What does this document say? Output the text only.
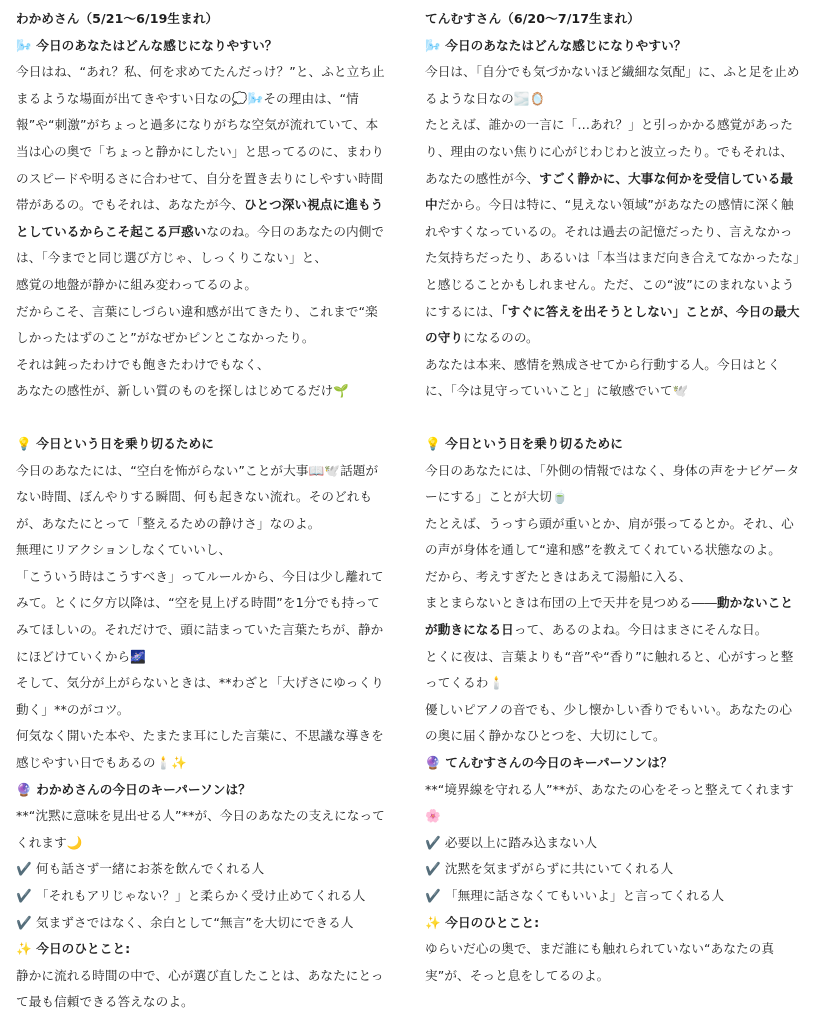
わかめさん（5/21〜6/19生まれ）

🌬️ 今日のあなたはどんな感じになりやすい？

今日はね、“あれ？私、何を求めてたんだっけ？”と、ふと立ち止まるような場面が出てきやすい日なの💭🌬️その理由は、“情報”や“刺激”がちょっと過多になりがちな空気が流れていて、本当は心の奥で「ちょっと静かにしたい」と思ってるのに、まわりのスピードや明るさに合わせて、自分を置き去りにしやすい時間帯があるの。でもそれは、あなたが今、ひとつ深い視点に進もうとしているからこそ起こる戸惑いなのね。今日のあなたの内側では、「今までと同じ選び方じゃ、しっくりこない」と、

感覚の地盤が静かに組み変わってるのよ。

だからこそ、言葉にしづらい違和感が出てきたり、これまで“楽しかったはずのこと”がなぜかピンとこなかったり。

それは鈍ったわけでも飽きたわけでもなく、

あなたの感性が、新しい質のものを探しはじめてるだけ🌱

💡 今日という日を乗り切るために

今日のあなたには、“空白を怖がらない”ことが大事📖🕊️話題がない時間、ぼんやりする瞬間、何も起きない流れ。そのどれもが、あなたにとって「整えるための静けさ」なのよ。

無理にリアクションしなくていいし、

「こういう時はこうすべき」ってルールから、今日は少し離れてみて。とくに夕方以降は、“空を見上げる時間”を1分でも持ってみてほしいの。それだけで、頭に詰まっていた言葉たちが、静かにほどけていくから🌌

そして、気分が上がらないときは、**わざと「大げさにゆっくり動く」**のがコツ。

何気なく開いた本や、たまたま耳にした言葉に、不思議な導きを感じやすい日でもあるの🕯️✨

🔮 わかめさんの今日のキーパーソンは？

**“沈黙に意味を見出せる人”**が、今日のあなたの支えになってくれます🌙

✔️ 何も話さず一緒にお茶を飲んでくれる人

✔️ 「それもアリじゃない？」と柔らかく受け止めてくれる人

✔️ 気まずさではなく、余白として“無言”を大切にできる人

✨ 今日のひとこと:

静かに流れる時間の中で、心が選び直したことは、あなたにとって最も信頼できる答えなのよ。

てんむすさん（6/20〜7/17生まれ）

🌬️ 今日のあなたはどんな感じになりやすい？

今日は、「自分でも気づかないほど繊細な気配」に、ふと足を止めるような日なの🌫️🪞

たとえば、誰かの一言に「…あれ？」と引っかかる感覚があったり、理由のない焦りに心がじわじわと波立ったり。でもそれは、あなたの感性が今、すごく静かに、大事な何かを受信している最中だから。今日は特に、“見えない領域”があなたの感情に深く触れやすくなっているの。それは過去の記憶だったり、言えなかった気持ちだったり、あるいは「本当はまだ向き合えてなかったな」と感じることかもしれません。ただ、この“波”にのまれないようにするには、「すぐに答えを出そうとしない」ことが、今日の最大の守りになるのの。

あなたは本来、感情を熟成させてから行動する人。今日はとくに、「今は見守っていいこと」に敏感でいて🕊️

💡 今日という日を乗り切るために

今日のあなたには、「外側の情報ではなく、身体の声をナビゲーターにする」ことが大切🍵

たとえば、うっすら頭が重いとか、肩が張ってるとか。それ、心の声が身体を通して“違和感”を教えてくれている状態なのよ。

だから、考えすぎたときはあえて湯船に入る、

まとまらないときは布団の上で天井を見つめる――動かないことが動きになる日って、あるのよね。今日はまさにそんな日。

とくに夜は、言葉よりも“音”や“香り”に触れると、心がすっと整ってくるわ🕯️

優しいピアノの音でも、少し懐かしい香りでもいい。あなたの心の奥に届く静かなひとつを、大切にして。

🔮 てんむすさんの今日のキーパーソンは？

**“境界線を守れる人”**が、あなたの心をそっと整えてくれます🌸

✔️ 必要以上に踏み込まない人

✔️ 沈黙を気まずがらずに共にいてくれる人

✔️ 「無理に話さなくてもいいよ」と言ってくれる人

✨ 今日のひとこと:

ゆらいだ心の奥で、まだ誰にも触れられていない“あなたの真実”が、そっと息をしてるのよ。
